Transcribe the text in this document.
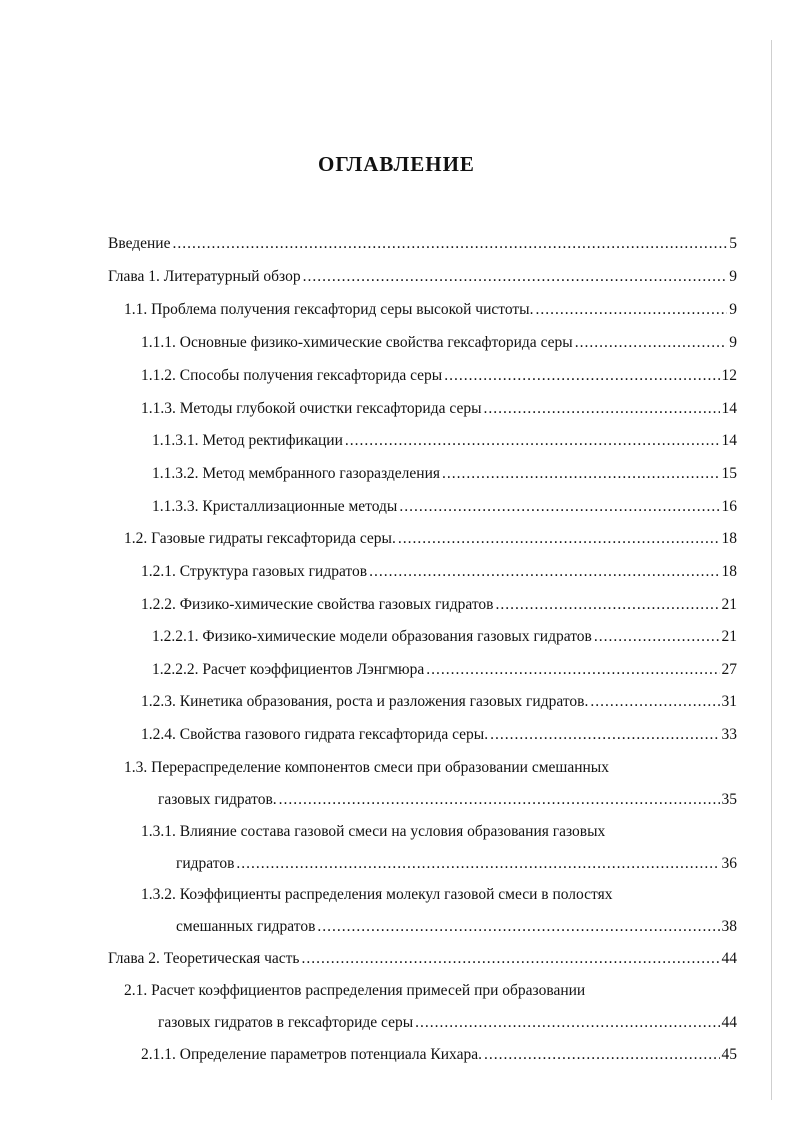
ОГЛАВЛЕНИЕ
Введение .....	5
Глава 1. Литературный обзор .....	9
1.1. Проблема получения гексафторид серы высокой чистоты. .....	9
1.1.1. Основные физико-химические свойства гексафторида серы .....	9
1.1.2. Способы получения гексафторида серы .....	12
1.1.3. Методы глубокой очистки гексафторида серы .....	14
1.1.3.1. Метод ректификации .....	14
1.1.3.2. Метод мембранного газоразделения .....	15
1.1.3.3. Кристаллизационные методы .....	16
1.2. Газовые гидраты гексафторида серы. .....	18
1.2.1. Структура газовых гидратов .....	18
1.2.2. Физико-химические свойства газовых гидратов .....	21
1.2.2.1. Физико-химические модели образования газовых гидратов .....	21
1.2.2.2. Расчет коэффициентов Лэнгмюра .....	27
1.2.3. Кинетика образования, роста и разложения газовых гидратов. .....	31
1.2.4. Свойства газового гидрата гексафторида серы. .....	33
1.3. Перераспределение компонентов смеси при образовании смешанных
газовых гидратов. .....	35
1.3.1. Влияние состава газовой смеси на условия образования газовых
гидратов .....	36
1.3.2. Коэффициенты распределения молекул газовой смеси в полостях
смешанных гидратов .....	38
Глава 2. Теоретическая часть .....	44
2.1. Расчет коэффициентов распределения примесей при образовании
газовых гидратов в гексафториде серы .....	44
2.1.1. Определение параметров потенциала Кихара. .....	45
